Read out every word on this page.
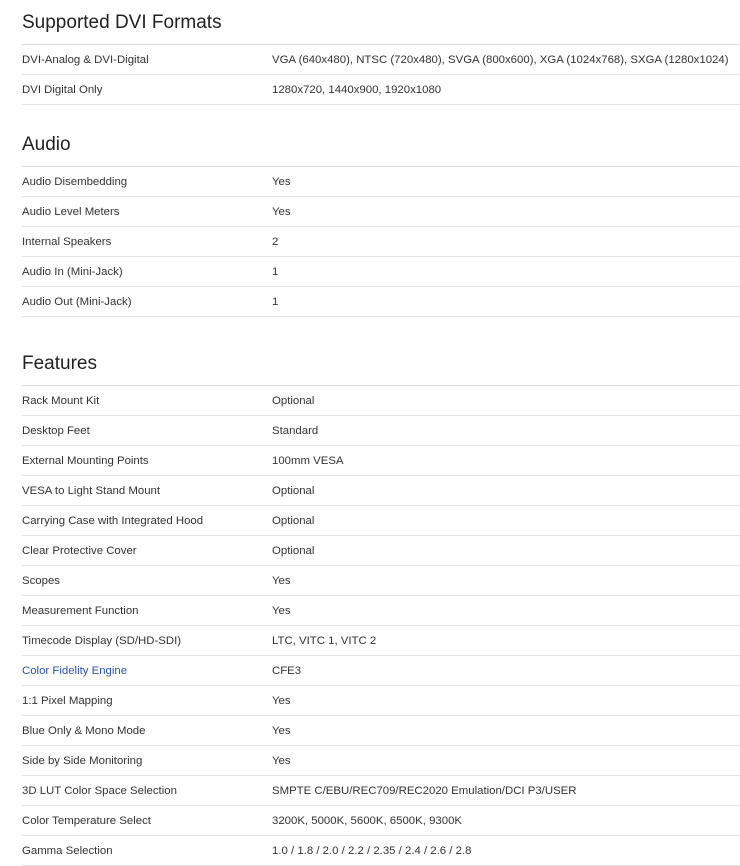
Supported DVI Formats
DVI-Analog & DVI-Digital	VGA (640x480), NTSC (720x480), SVGA (800x600), XGA (1024x768), SXGA (1280x1024)
DVI Digital Only	1280x720, 1440x900, 1920x1080
Audio
Audio Disembedding	Yes
Audio Level Meters	Yes
Internal Speakers	2
Audio In (Mini-Jack)	1
Audio Out (Mini-Jack)	1
Features
Rack Mount Kit	Optional
Desktop Feet	Standard
External Mounting Points	100mm VESA
VESA to Light Stand Mount	Optional
Carrying Case with Integrated Hood	Optional
Clear Protective Cover	Optional
Scopes	Yes
Measurement Function	Yes
Timecode Display (SD/HD-SDI)	LTC, VITC 1, VITC 2
Color Fidelity Engine	CFE3
1:1 Pixel Mapping	Yes
Blue Only & Mono Mode	Yes
Side by Side Monitoring	Yes
3D LUT Color Space Selection	SMPTE C/EBU/REC709/REC2020 Emulation/DCI P3/USER
Color Temperature Select	3200K, 5000K, 5600K, 6500K, 9300K
Gamma Selection	1.0 / 1.8 / 2.0 / 2.2 / 2.35 / 2.4 / 2.6 / 2.8
